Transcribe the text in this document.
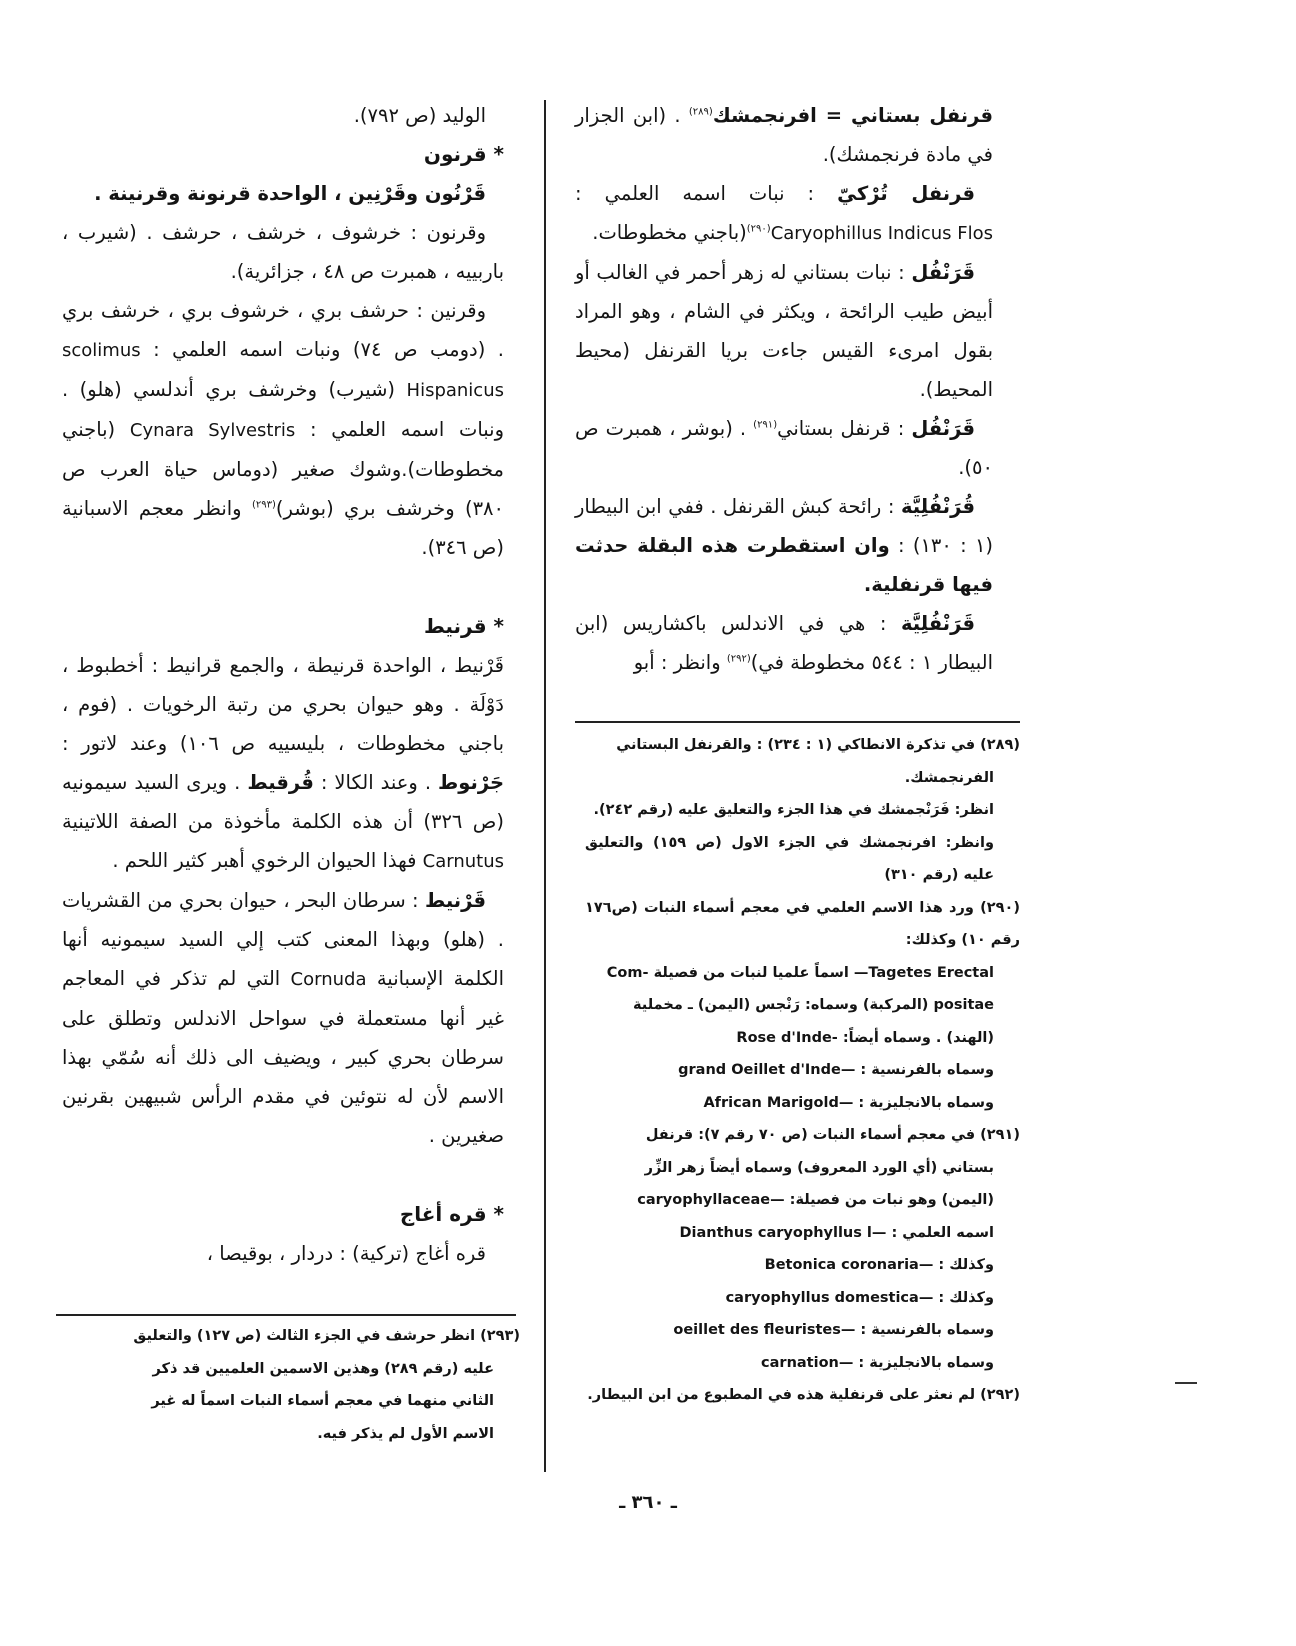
قرنفل بستاني = افرنجمشك$^{(٢٨٩)}$ . (ابن الجزار في مادة فرنجمشك).

قرنفل تُرْكيّ : نبات اسمه العلمي : Caryophillus Indicus Flos$^{(٢٩٠)}$(باجني مخطوطات.

قَرَنْفُل : نبات بستاني له زهر أحمر في الغالب أو أبيض طيب الرائحة ، ويكثر في الشام ، وهو المراد بقول امرىء القيس جاءت بريا القرنفل (محيط المحيط).

قَرَنْفُل : قرنفل بستاني$^{(٢٩١)}$ . (بوشر ، همبرت ص ٥٠).

قُرَنْفُلِيَّة : رائحة كبش القرنفل . ففي ابن البيطار (١ : ١٣٠) : وان استقطرت هذه البقلة حدثت فيها قرنفلية.

قَرَنْفُلِيَّة : هي في الاندلس باكشاريس (ابن البيطار ١ : ٥٤٤ مخطوطة في)$^{(٢٩٢)}$ وانظر : أبو

(٢٨٩) في تذكرة الانطاكي (١ : ٢٣٤) : والقرنفل البستاني

الفرنجمشك.

انظر: فَرَنْجمشك في هذا الجزء والتعليق عليه (رقم ٢٤٢).

وانظر: افرنجمشك في الجزء الاول (ص ١٥٩) والتعليق عليه (رقم ٣١٠)

(٢٩٠) ورد هذا الاسم العلمي في معجم أسماء النبات (ص١٧٦ رقم ١٠) وكذلك:

Tagetes Erectal— اسماً علميا لنبات من فصيلة -Com

positae (المركبة) وسماه: رَنْجس (اليمن) ـ مخملية

(الهند) . وسماه أيضاً: -Rose d'Inde

وسماه بالفرنسية : —grand Oeillet d'Inde

وسماه بالانجليزية : —African Marigold

(٢٩١) في معجم أسماء النبات (ص ٧٠ رقم ٧): قرنفل

بستاني (أي الورد المعروف) وسماه أيضاً زهر الزِّر

(اليمن) وهو نبات من فصيلة: —caryophyllaceae

اسمه العلمي : —Dianthus caryophyllus l

وكذلك : —Betonica coronaria

وكذلك : —caryophyllus domestica

وسماه بالفرنسية : —oeillet des fleuristes

وسماه بالانجليزية : —carnation

(٢٩٢) لم نعثر على قرنفلية هذه في المطبوع من ابن البيطار.

الوليد (ص ٧٩٢).

* قرنون

قَرْنُون وقَرْنِين ، الواحدة قرنونة وقرنينة .

وقرنون : خرشوف ، خرشف ، حرشف . (شيرب ، باربييه ، همبرت ص ٤٨ ، جزائرية).

وقرنين : حرشف بري ، خرشوف بري ، خرشف بري . (دومب ص ٧٤) ونبات اسمه العلمي : scolimus Hispanicus (شيرب) وخرشف بري أندلسي (هلو) . ونبات اسمه العلمي : Cynara Sylvestris (باجني مخطوطات).وشوك صغير (دوماس حياة العرب ص ٣٨٠) وخرشف بري (بوشر)$^{(٢٩٣)}$ وانظر معجم الاسبانية (ص ٣٤٦).

* قرنيط

قَرْنيط ، الواحدة قرنيطة ، والجمع قرانيط : أخطبوط ، دَوْلَة . وهو حيوان بحري من رتبة الرخويات . (فوم ، باجني مخطوطات ، بليسييه ص ١٠٦) وعند لاتور : جَرْنوط . وعند الكالا : قُرقيط . ويرى السيد سيمونيه (ص ٣٢٦) أن هذه الكلمة مأخوذة من الصفة اللاتينية Carnutus فهذا الحيوان الرخوي أهبر كثير اللحم .

قَرْنيط : سرطان البحر ، حيوان بحري من القشريات . (هلو) وبهذا المعنى كتب إلي السيد سيمونيه أنها الكلمة الإسبانية Cornuda التي لم تذكر في المعاجم غير أنها مستعملة في سواحل الاندلس وتطلق على سرطان بحري كبير ، ويضيف الى ذلك أنه سُمّي بهذا الاسم لأن له نتوئين في مقدم الرأس شبيهين بقرنين صغيرين .

* قره أغاج

قره أغاج (تركية) : دردار ، بوقيصا ،

(٢٩٣) انظر حرشف في الجزء الثالث (ص ١٢٧) والتعليق

عليه (رقم ٢٨٩) وهذين الاسمين العلميين قد ذكر

الثاني منهما في معجم أسماء النبات اسماً له غير

الاسم الأول لم يذكر فيه.

ـ ٣٦٠ ـ
